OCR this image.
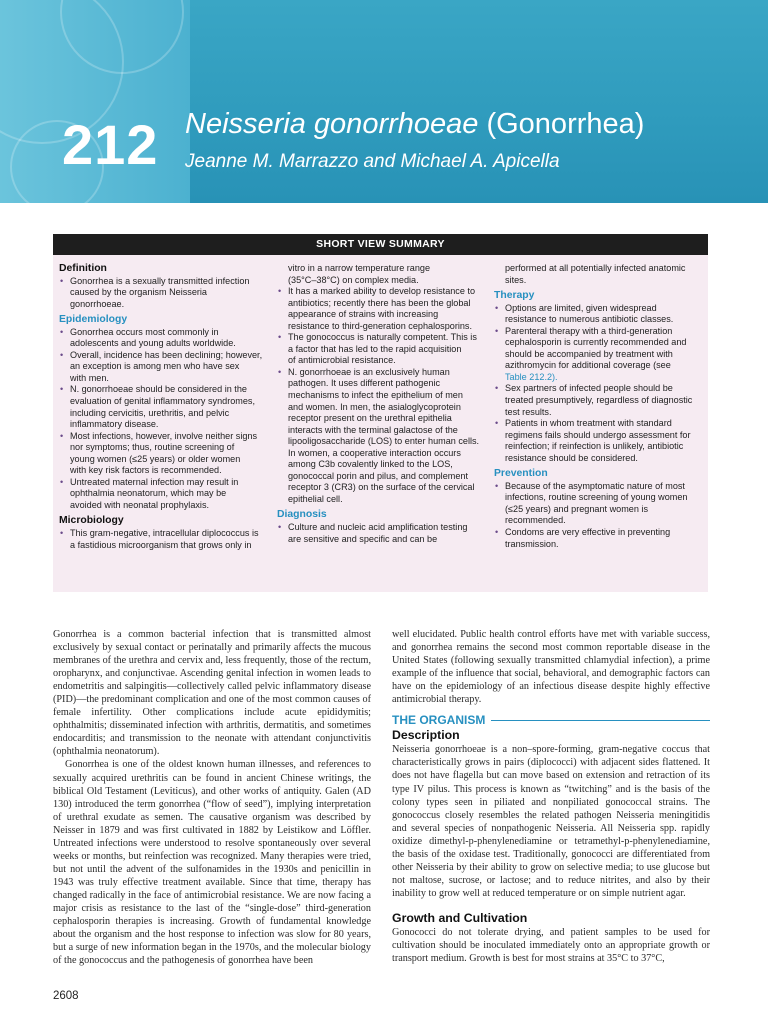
212 Neisseria gonorrhoeae (Gonorrhea)
Jeanne M. Marrazzo and Michael A. Apicella
SHORT VIEW SUMMARY
Definition
• Gonorrhea is a sexually transmitted infection
caused by the organism Neisseria
gonorrhoeae.
Epidemiology
• Gonorrhea occurs most commonly in
adolescents and young adults worldwide.
• Overall, incidence has been declining; however,
an exception is among men who have sex
with men.
• N. gonorrhoeae should be considered in the
evaluation of genital inflammatory syndromes,
including cervicitis, urethritis, and pelvic
inflammatory disease.
• Most infections, however, involve neither signs
nor symptoms; thus, routine screening of
young women (≤25 years) or older women
with key risk factors is recommended.
• Untreated maternal infection may result in
ophthalmia neonatorum, which may be
avoided with neonatal prophylaxis.
Microbiology
• This gram-negative, intracellular diplococcus is
a fastidious microorganism that grows only in
vitro in a narrow temperature range
(35°C–38°C) on complex media.
• It has a marked ability to develop resistance to
antibiotics; recently there has been the global
appearance of strains with increasing
resistance to third-generation cephalosporins.
• The gonococcus is naturally competent. This is
a factor that has led to the rapid acquisition
of antimicrobial resistance.
• N. gonorrhoeae is an exclusively human
pathogen. It uses different pathogenic
mechanisms to infect the epithelium of men
and women. In men, the asialoglycoprotein
receptor present on the urethral epithelia
interacts with the terminal galactose of the
lipooligosaccharide (LOS) to enter human cells.
In women, a cooperative interaction occurs
among C3b covalently linked to the LOS,
gonococcal porin and pilus, and complement
receptor 3 (CR3) on the surface of the cervical
epithelial cell.
Diagnosis
• Culture and nucleic acid amplification testing
are sensitive and specific and can be
performed at all potentially infected anatomic
sites.
Therapy
• Options are limited, given widespread
resistance to numerous antibiotic classes.
• Parenteral therapy with a third-generation
cephalosporin is currently recommended and
should be accompanied by treatment with
azithromycin for additional coverage (see
Table 212.2).
• Sex partners of infected people should be
treated presumptively, regardless of diagnostic
test results.
• Patients in whom treatment with standard
regimens fails should undergo assessment for
reinfection; if reinfection is unlikely, antibiotic
resistance should be considered.
Prevention
• Because of the asymptomatic nature of most
infections, routine screening of young women
(≤25 years) and pregnant women is
recommended.
• Condoms are very effective in preventing
transmission.

Gonorrhea is a common bacterial infection that is transmitted almost exclusively by sexual contact or perinatally and primarily affects the mucous membranes of the urethra and cervix and, less frequently, those of the rectum, oropharynx, and conjunctivae. Ascending genital infection in women leads to endometritis and salpingitis—collectively called pelvic inflammatory disease (PID)—the predominant complication and one of the most common causes of female infertility. Other complications include acute epididymitis; ophthalmitis; disseminated infection with arthritis, dermatitis, and sometimes endocarditis; and transmission to the neonate with attendant conjunctivitis (ophthalmia neonatorum).

Gonorrhea is one of the oldest known human illnesses, and references to sexually acquired urethritis can be found in ancient Chinese writings, the biblical Old Testament (Leviticus), and other works of antiquity. Galen (AD 130) introduced the term gonorrhea (“flow of seed”), implying interpretation of urethral exudate as semen. The causative organism was described by Neisser in 1879 and was first cultivated in 1882 by Leistikow and Löffler. Untreated infections were understood to resolve spontaneously over several weeks or months, but reinfection was recognized. Many therapies were tried, but not until the advent of the sulfonamides in the 1930s and penicillin in 1943 was truly effective treatment available. Since that time, therapy has changed radically in the face of antimicrobial resistance. We are now facing a major crisis as resistance to the last of the “single-dose” third-generation cephalosporin therapies is increasing. Growth of fundamental knowledge about the organism and the host response to infection was slow for 80 years, but a surge of new information began in the 1970s, and the molecular biology of the gonococcus and the pathogenesis of gonorrhea have been

well elucidated. Public health control efforts have met with variable success, and gonorrhea remains the second most common reportable disease in the United States (following sexually transmitted chlamydial infection), a prime example of the influence that social, behavioral, and demographic factors can have on the epidemiology of an infectious disease despite highly effective antimicrobial therapy.

THE ORGANISM
Description

Neisseria gonorrhoeae is a non–spore-forming, gram-negative coccus that characteristically grows in pairs (diplococci) with adjacent sides flattened. It does not have flagella but can move based on extension and retraction of its type IV pilus. This process is known as “twitching” and is the basis of the colony types seen in piliated and nonpiliated gonococcal strains. The gonococcus closely resembles the related pathogen Neisseria meningitidis and several species of nonpathogenic Neisseria. All Neisseria spp. rapidly oxidize dimethyl-p-phenylenediamine or tetramethyl-p-phenylenediamine, the basis of the oxidase test. Traditionally, gonococci are differentiated from other Neisseria by their ability to grow on selective media; to use glucose but not maltose, sucrose, or lactose; and to reduce nitrites, and also by their inability to grow well at reduced temperature or on simple nutrient agar.

Growth and Cultivation

Gonococci do not tolerate drying, and patient samples to be used for cultivation should be inoculated immediately onto an appropriate growth or transport medium. Growth is best for most strains at 35°C to 37°C,

2608
